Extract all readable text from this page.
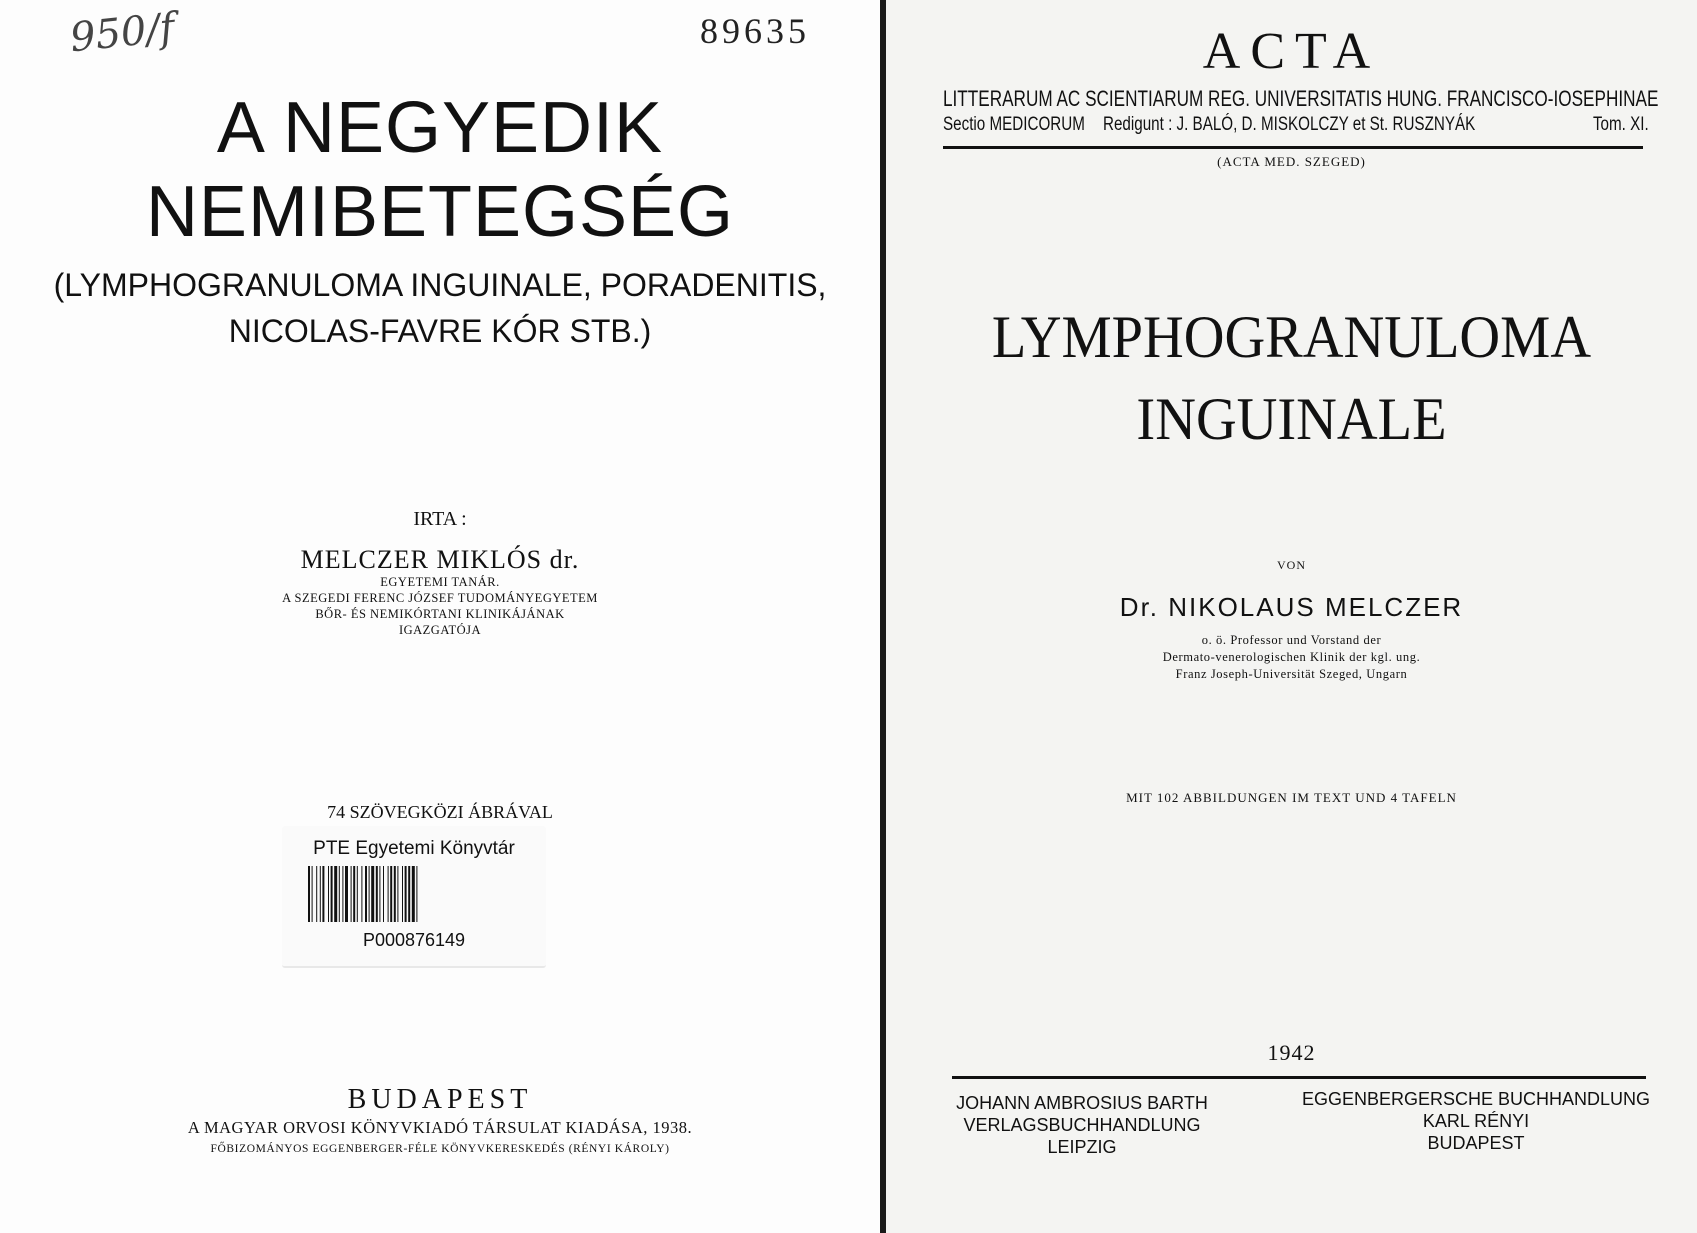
950/f	89635
A NEGYEDIK
NEMIBETEGSÉG
(LYMPHOGRANULOMA INGUINALE, PORADENITIS,
NICOLAS-FAVRE KÓR STB.)
IRTA :
MELCZER MIKLÓS dr.
EGYETEMI TANÁR.
A SZEGEDI FERENC JÓZSEF TUDOMÁNYEGYETEM
BŐR- ÉS NEMIKÓRTANI KLINIKÁJÁNAK
IGAZGATÓJA
74 SZÖVEGKÖZI ÁBRÁVAL
PTE Egyetemi Könyvtár
P000876149
BUDAPEST
A MAGYAR ORVOSI KÖNYVKIADÓ TÁRSULAT KIADÁSA, 1938.
FŐBIZOMÁNYOS EGGENBERGER-FÉLE KÖNYVKERESKEDÉS (RÉNYI KÁROLY)
ACTA
LITTERARUM AC SCIENTIARUM REG. UNIVERSITATIS HUNG. FRANCISCO-IOSEPHINAE
Sectio MEDICORUM Redigunt : J. BALÓ, D. MISKOLCZY et St. RUSZNYÁK	Tom. XI.
(ACTA MED. SZEGED)
LYMPHOGRANULOMA
INGUINALE
VON
Dr. NIKOLAUS MELCZER
o. ö. Professor und Vorstand der
Dermato-venerologischen Klinik der kgl. ung.
Franz Joseph-Universität Szeged, Ungarn
MIT 102 ABBILDUNGEN IM TEXT UND 4 TAFELN
1942
JOHANN AMBROSIUS BARTH
VERLAGSBUCHHANDLUNG
LEIPZIG
EGGENBERGERSCHE BUCHHANDLUNG
KARL RÉNYI
BUDAPEST
